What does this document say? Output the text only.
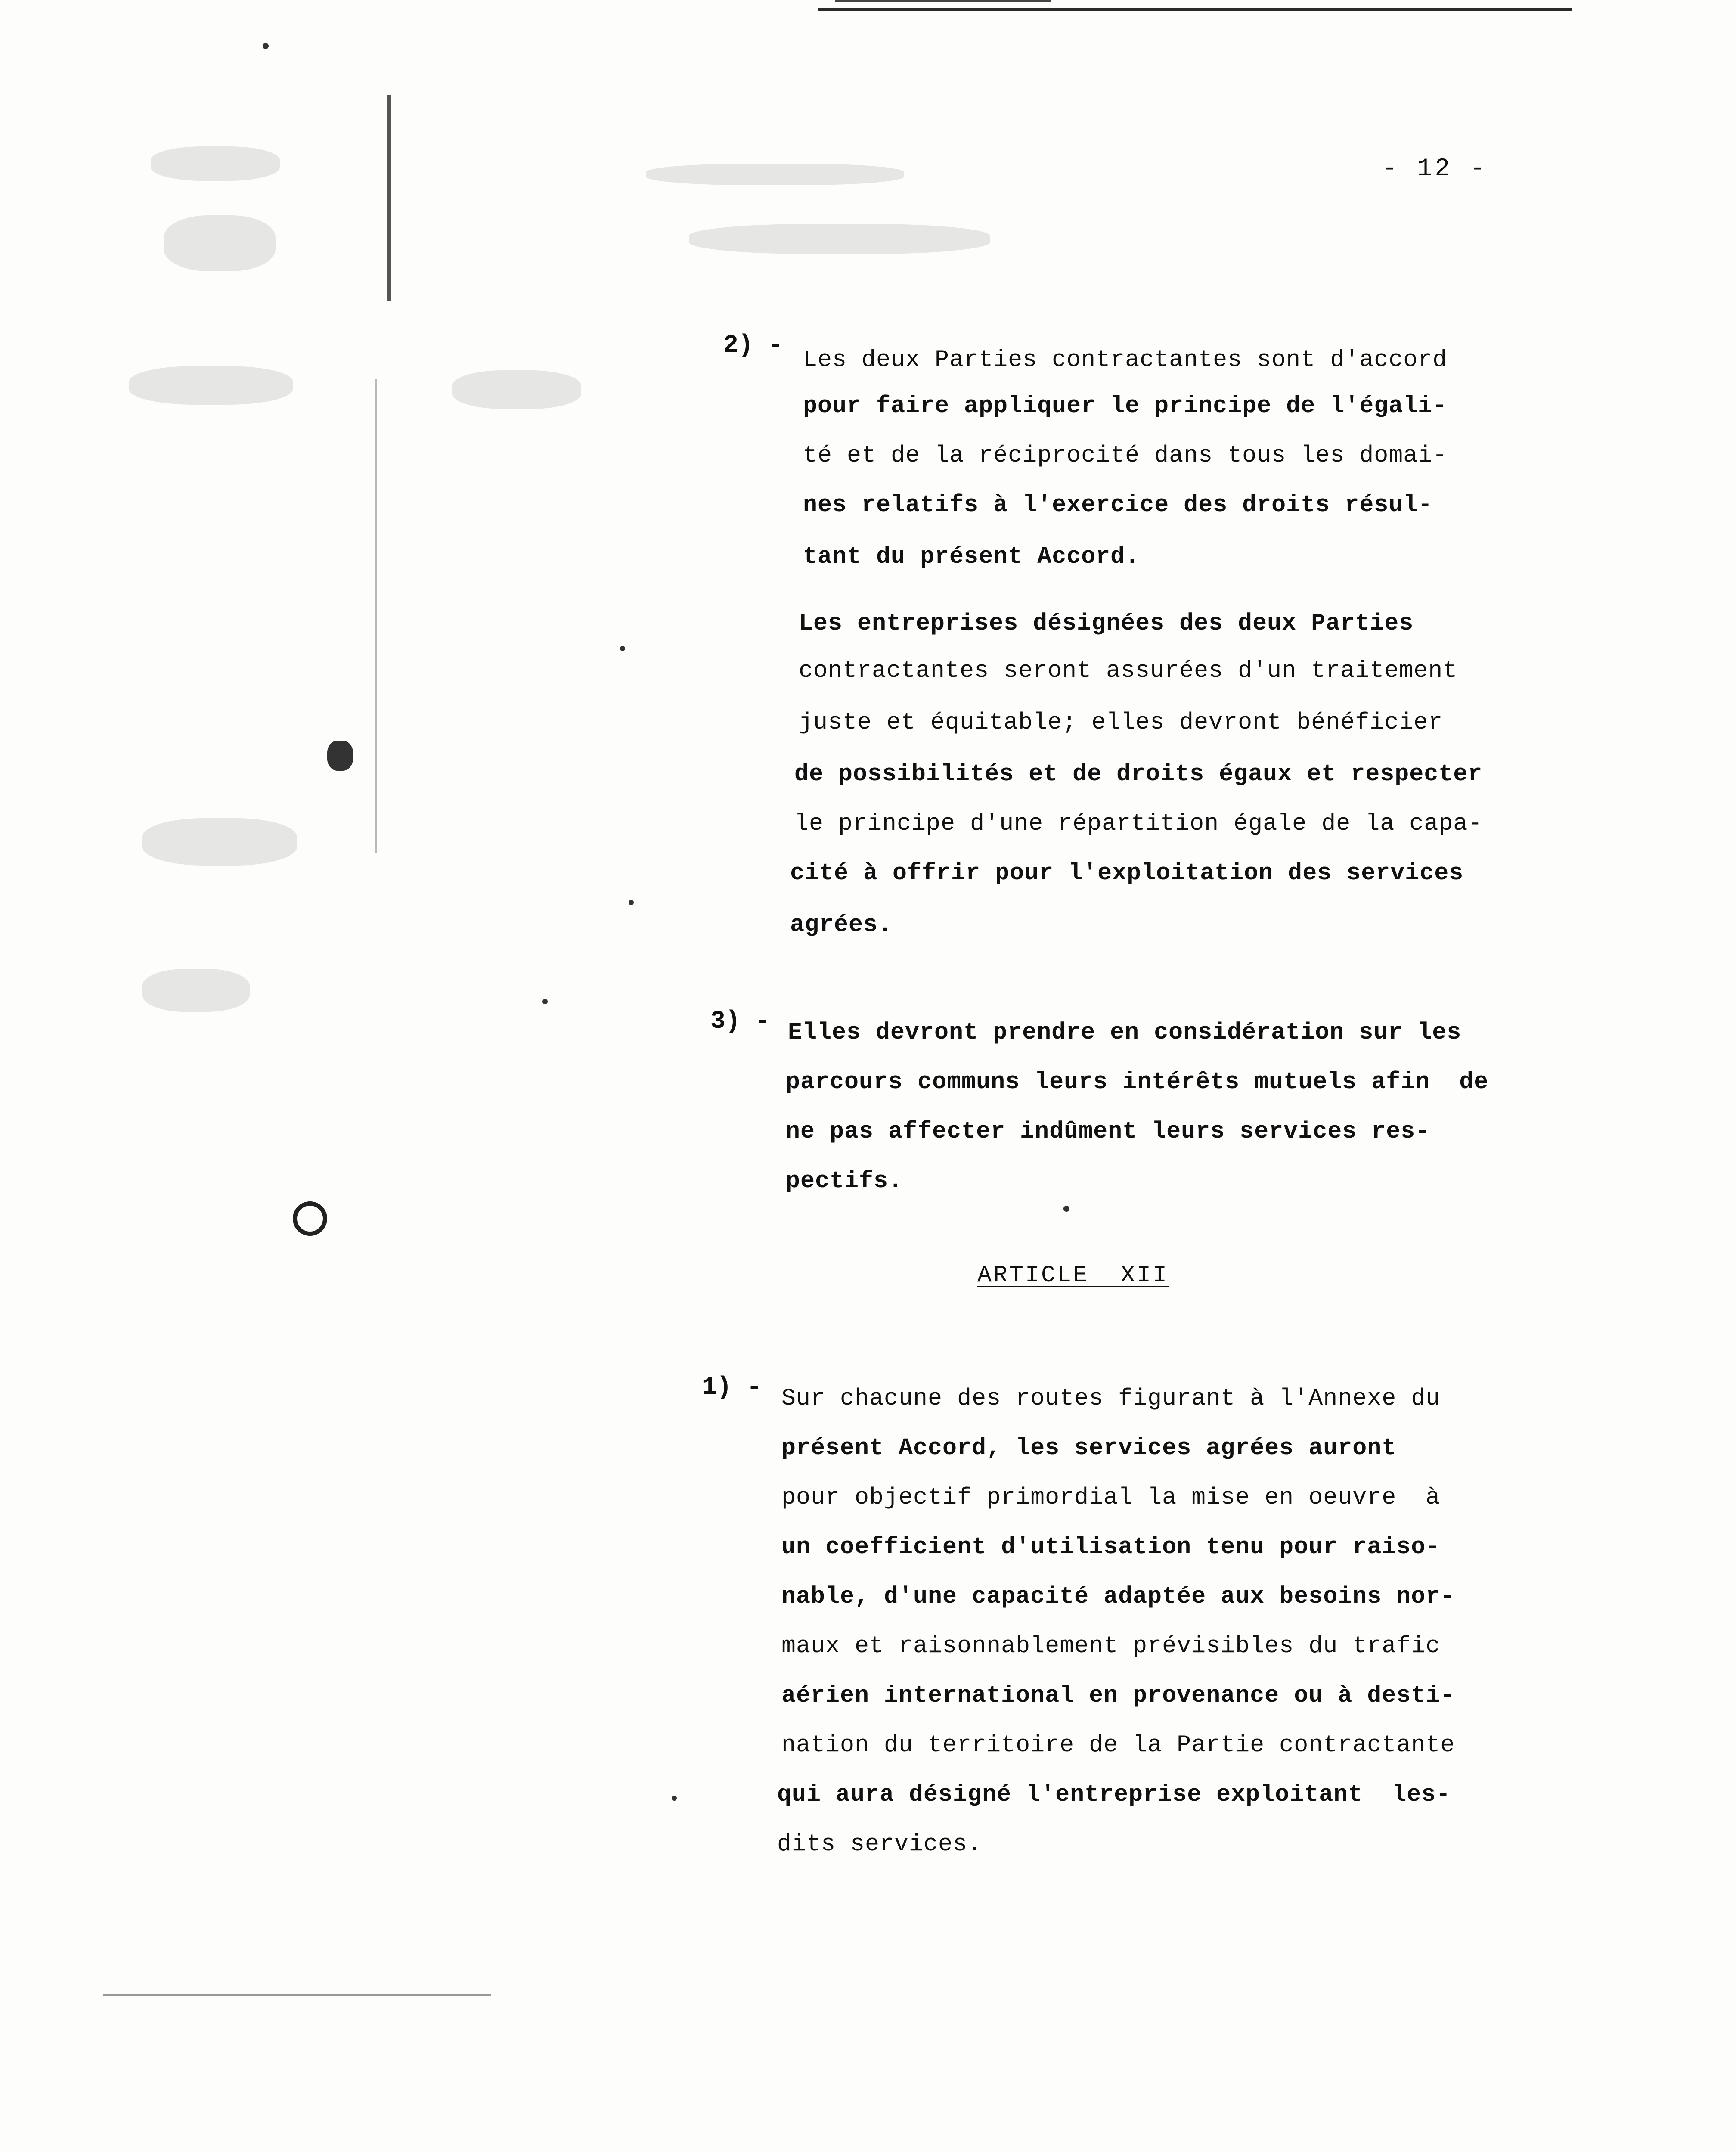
- 12 -
2) -
Les deux Parties contractantes sont d'accord
pour faire appliquer le principe de l'égali-
té et de la réciprocité dans tous les domai-
nes relatifs à l'exercice des droits résul-
tant du présent Accord.
Les entreprises désignées des deux Parties
contractantes seront assurées d'un traitement
juste et équitable; elles devront bénéficier
de possibilités et de droits égaux et respecter
le principe d'une répartition égale de la capa-
cité à offrir pour l'exploitation des services
agrées.
3) - Elles devront prendre en considération sur les
parcours communs leurs intérêts mutuels afin  de
ne pas affecter indûment leurs services res-
pectifs.
ARTICLE  XII
1) - Sur chacune des routes figurant à l'Annexe du
présent Accord, les services agrées auront
pour objectif primordial la mise en oeuvre  à
un coefficient d'utilisation tenu pour raiso-
nable, d'une capacité adaptée aux besoins nor-
maux et raisonnablement prévisibles du trafic
aérien international en provenance ou à desti-
nation du territoire de la Partie contractante
qui aura désigné l'entreprise exploitant  les-
dits services.
